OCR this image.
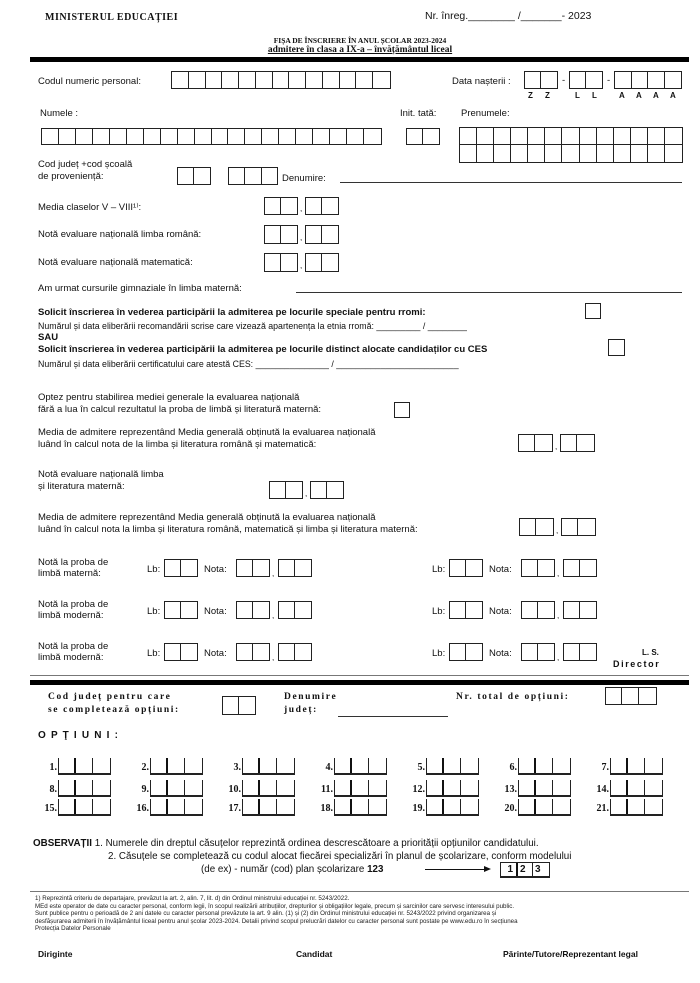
MINISTERUL EDUCAȚIEI	Nr. înreg.________ /_______- 2023
FIȘA DE ÎNSCRIERE ÎN ANUL ȘCOLAR 2023-2024
admitere în clasa a IX-a – învățământul liceal
Codul numeric personal:	Data nașterii :	-	-
Z Z	L L	A A A A
Numele :	Init. tată:	Prenumele:
Cod județ +cod școală
de proveniență:	Denumire:
Media claselor V – VIII¹⁾:	,
Notă evaluare națională limba română:	,
Notă evaluare națională matematică:	,
Am urmat cursurile gimnaziale în limba maternă:
Solicit înscrierea în vederea participării la admiterea pe locurile speciale pentru rromi:
Numărul și data eliberării recomandării scrise care vizează apartenența la etnia rromă: _________ / ________
SAU
Solicit înscrierea în vederea participării la admiterea pe locurile distinct alocate candidaților cu CES
Numărul și data eliberării certificatului care atestă CES: _______________ / _________________________
Optez pentru stabilirea mediei generale la evaluarea națională
fără a lua în calcul rezultatul la proba de limbă și literatură maternă:
Media de admitere reprezentând Media generală obținută la evaluarea națională
luând în calcul nota de la limba și literatura română și matematică:	,
Notă evaluare națională limba
și literatura maternă:
,
Media de admitere reprezentând Media generală obținută la evaluarea națională
luând în calcul nota la limba și literatura română, matematică și limba și literatura maternă:	,
Notă la proba de
limbă maternă:	Lb:	Nota:	,	Lb:	Nota:	,
Notă la proba de
limbă modernă:	Lb:	Nota:	,	Lb:	Nota:	,
Notă la proba de
limbă modernă:	Lb:	Nota:	,	Lb:	Nota:	,
L. S.
Director
Cod județ pentru care
se completează opțiuni:
Denumire
județ:
Nr. total de opțiuni:
O P Ţ I U N I :
1.	2.	3.	4.	5.	6.	7.
8.	9.	10.	11.	12.	13.	14.
15.	16.	17.	18.	19.	20.	21.
OBSERVAȚII 1. Numerele din dreptul căsuțelor reprezintă ordinea descrescătoare a priorității opțiunilor candidatului.
2. Căsuțele se completează cu codul alocat fiecărei specializări în planul de școlarizare, conform modelului
(de ex) - număr (cod) plan școlarizare 123	1 2 3
1) Reprezintă criteriu de departajare, prevăzut la art. 2, alin. 7, lit. d) din Ordinul ministrului educației nr. 5243/2022.
MEd este operator de date cu caracter personal, conform legii, în scopul realizării atribuțiilor, drepturilor și obligațiilor legale, precum și sarcinilor care servesc interesului public.
Sunt publice pentru o perioadă de 2 ani datele cu caracter personal prevăzute la art. 9 alin. (1) și (2) din Ordinul ministrului educației nr. 5243/2022 privind organizarea și
desfășurarea admiterii în învățământul liceal pentru anul școlar 2023-2024. Detalii privind scopul prelucrări datelor cu caracter personal sunt postate pe www.edu.ro în secțiunea
Protecția Datelor Personale
Diriginte	Candidat	Părinte/Tutore/Reprezentant legal
